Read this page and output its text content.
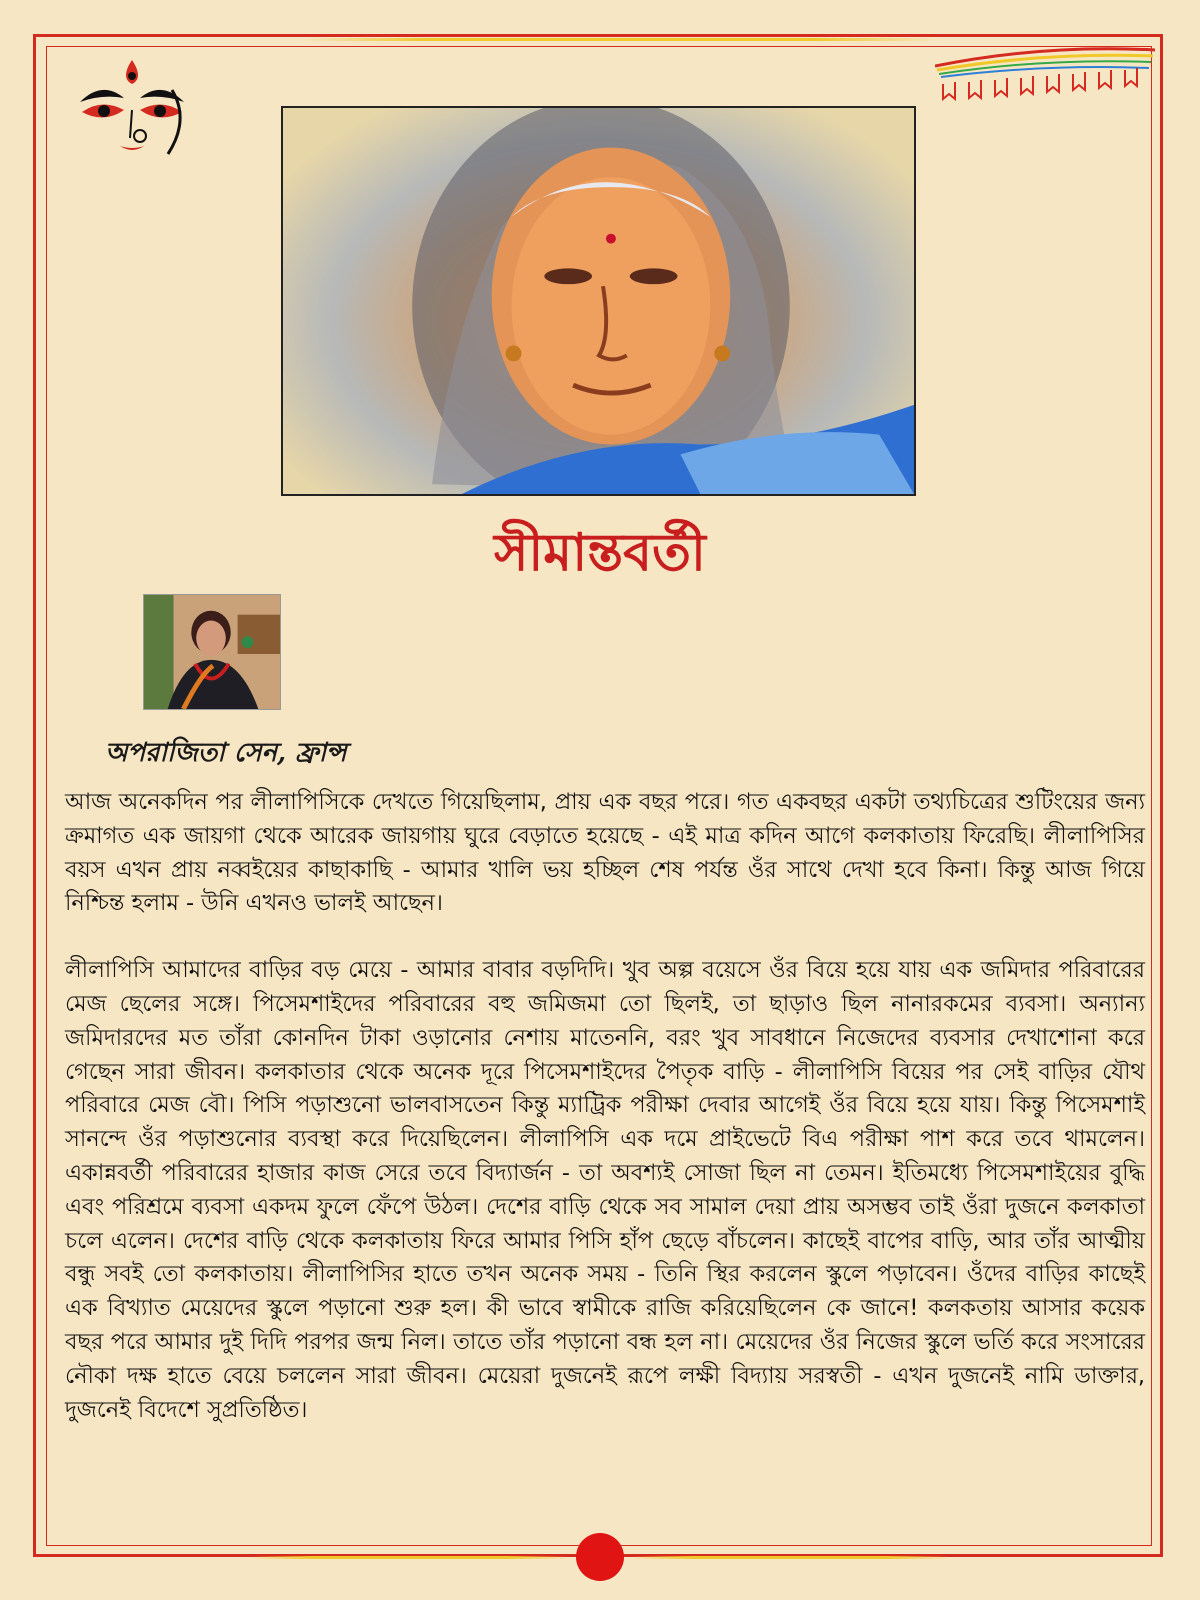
সীমান্তবর্তী
অপরাজিতা সেন, ফ্রান্স

আজ অনেকদিন পর লীলাপিসিকে দেখতে গিয়েছিলাম, প্রায় এক বছর পরে। গত একবছর একটা তথ্যচিত্রের শুটিংয়ের জন্য ক্রমাগত এক জায়গা থেকে আরেক জায়গায় ঘুরে বেড়াতে হয়েছে - এই মাত্র কদিন আগে কলকাতায় ফিরেছি। লীলাপিসির বয়স এখন প্রায় নব্বইয়ের কাছাকাছি - আমার খালি ভয় হচ্ছিল শেষ পর্যন্ত ওঁর সাথে দেখা হবে কিনা। কিন্তু আজ গিয়ে নিশ্চিন্ত হলাম - উনি এখনও ভালই আছেন।

লীলাপিসি আমাদের বাড়ির বড় মেয়ে - আমার বাবার বড়দিদি। খুব অল্প বয়েসে ওঁর বিয়ে হয়ে যায় এক জমিদার পরিবারের মেজ ছেলের সঙ্গে। পিসেমশাইদের পরিবারের বহু জমিজমা তো ছিলই, তা ছাড়াও ছিল নানারকমের ব্যবসা। অন্যান্য জমিদারদের মত তাঁরা কোনদিন টাকা ওড়ানোর নেশায় মাতেননি, বরং খুব সাবধানে নিজেদের ব্যবসার দেখাশোনা করে গেছেন সারা জীবন। কলকাতার থেকে অনেক দূরে পিসেমশাইদের পৈতৃক বাড়ি - লীলাপিসি বিয়ের পর সেই বাড়ির যৌথ পরিবারে মেজ বৌ। পিসি পড়াশুনো ভালবাসতেন কিন্তু ম্যাট্রিক পরীক্ষা দেবার আগেই ওঁর বিয়ে হয়ে যায়। কিন্তু পিসেমশাই সানন্দে ওঁর পড়াশুনোর ব্যবস্থা করে দিয়েছিলেন। লীলাপিসি এক দমে প্রাইভেটে বিএ পরীক্ষা পাশ করে তবে থামলেন। একান্নবর্তী পরিবারের হাজার কাজ সেরে তবে বিদ্যার্জন - তা অবশ্যই সোজা ছিল না তেমন। ইতিমধ্যে পিসেমশাইয়ের বুদ্ধি এবং পরিশ্রমে ব্যবসা একদম ফুলে ফেঁপে উঠল। দেশের বাড়ি থেকে সব সামাল দেয়া প্রায় অসম্ভব তাই ওঁরা দুজনে কলকাতা চলে এলেন। দেশের বাড়ি থেকে কলকাতায় ফিরে আমার পিসি হাঁপ ছেড়ে বাঁচলেন। কাছেই বাপের বাড়ি, আর তাঁর আত্মীয় বন্ধু সবই তো কলকাতায়। লীলাপিসির হাতে তখন অনেক সময় - তিনি স্থির করলেন স্কুলে পড়াবেন। ওঁদের বাড়ির কাছেই এক বিখ্যাত মেয়েদের স্কুলে পড়ানো শুরু হল। কী ভাবে স্বামীকে রাজি করিয়েছিলেন কে জানে! কলকতায় আসার কয়েক বছর পরে আমার দুই দিদি পরপর জন্ম নিল। তাতে তাঁর পড়ানো বন্ধ হল না। মেয়েদের ওঁর নিজের স্কুলে ভর্তি করে সংসারের নৌকা দক্ষ হাতে বেয়ে চললেন সারা জীবন। মেয়েরা দুজনেই রূপে লক্ষী বিদ্যায় সরস্বতী - এখন দুজনেই নামি ডাক্তার, দুজনেই বিদেশে সুপ্রতিষ্ঠিত।
